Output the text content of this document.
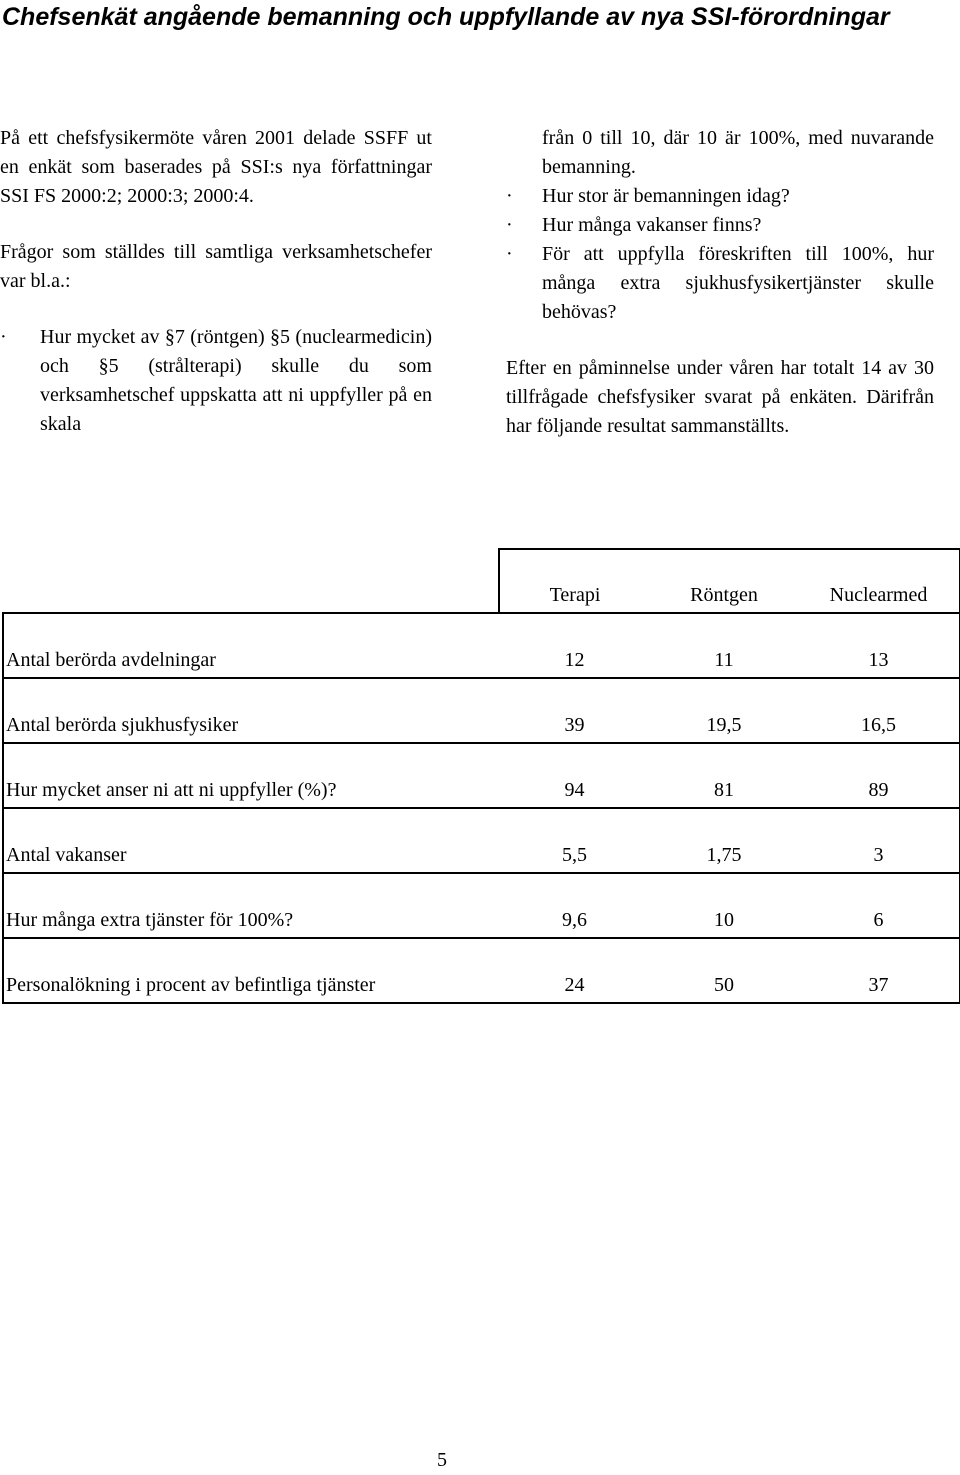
Chefsenkät angående bemanning och uppfyllande av nya SSI-förordningar

På ett chefsfysikermöte våren 2001 delade SSFF ut en enkät som baserades på SSI:s nya författningar SSI FS 2000:2; 2000:3; 2000:4.

Frågor som ställdes till samtliga verksamhetschefer var bl.a.:

·	Hur mycket av §7 (röntgen) §5 (nuclearmedicin) och §5 (strålterapi) skulle du som verksamhetschef uppskatta att ni uppfyller på en skala

från 0 till 10, där 10 är 100%, med nuvarande bemanning.

·	Hur stor är bemanningen idag?
·	Hur många vakanser finns?
·	För att uppfylla föreskriften till 100%, hur många extra sjukhusfysikertjänster skulle behövas?

Efter en påminnelse under våren har totalt 14 av 30 tillfrågade chefsfysiker svarat på enkäten. Därifrån har följande resultat sammanställts.

	Terapi	Röntgen	Nuclearmed

Antal berörda avdelningar	12	11	13

Antal berörda sjukhusfysiker	39	19,5	16,5

Hur mycket anser ni att ni uppfyller (%)?	94	81	89

Antal vakanser	5,5	1,75	3

Hur många extra tjänster för 100%?	9,6	10	6

Personalökning i procent av befintliga tjänster	24	50	37
5
